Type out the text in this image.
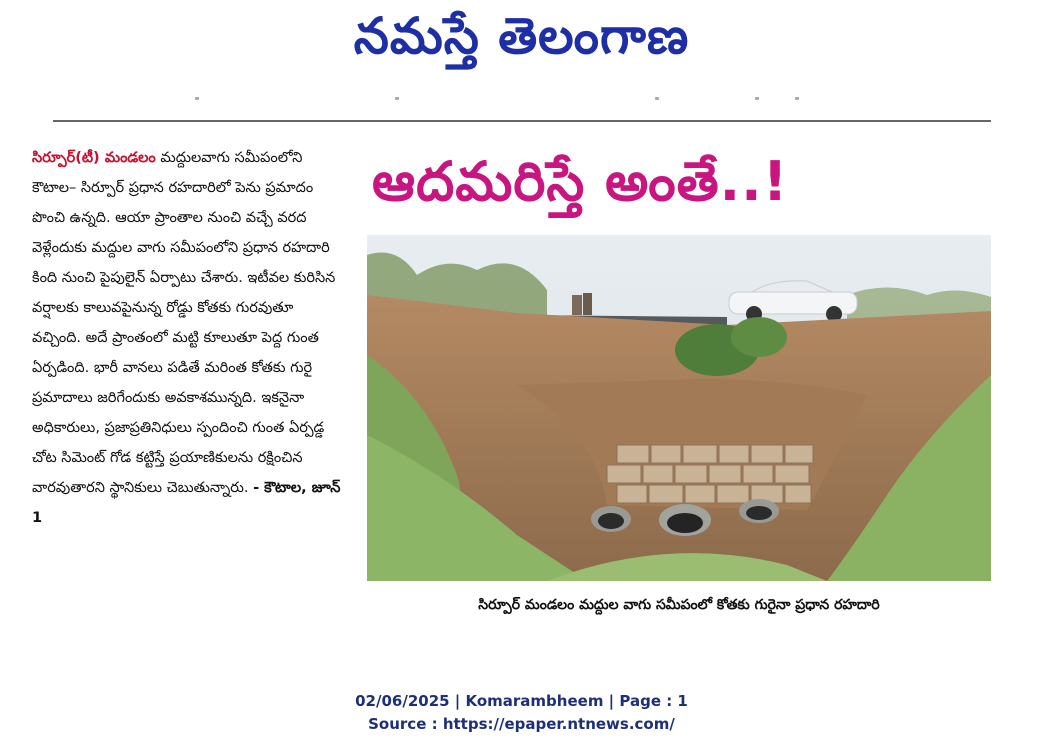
నమస్తే తెలంగాణ
సిర్పూర్(టీ) మండలం మద్దులవాగు సమీపంలోని కౌటాల– సిర్పూర్ ప్రధాన రహదారిలో పెను ప్రమాదం పొంచి ఉన్నది. ఆయా ప్రాంతాల నుంచి వచ్చే వరద వెళ్లేందుకు మద్దుల వాగు సమీపంలోని ప్రధాన రహదారి కింది నుంచి పైపులైన్ ఏర్పాటు చేశారు. ఇటీవల కురిసిన వర్షాలకు కాలువపైనున్న రోడ్డు కోతకు గురవుతూ వచ్చింది. అదే ప్రాంతంలో మట్టి కూలుతూ పెద్ద గుంత ఏర్పడింది. భారీ వానలు పడితే మరింత కోతకు గురై ప్రమాదాలు జరిగేందుకు అవకాశమున్నది. ఇకనైనా అధికారులు, ప్రజాప్రతినిధులు స్పందించి గుంత ఏర్పడ్డ చోట సిమెంట్ గోడ కట్టిస్తే ప్రయాణికులను రక్షించిన వారవుతారని స్థానికులు చెబుతున్నారు. - కౌటాల, జూన్ 1
ఆదమరిస్తే అంతే..!
సిర్పూర్ మండలం మద్దుల వాగు సమీపంలో కోతకు గురైనా ప్రధాన రహదారి
02/06/2025 | Komarambheem | Page : 1
Source : https://epaper.ntnews.com/
